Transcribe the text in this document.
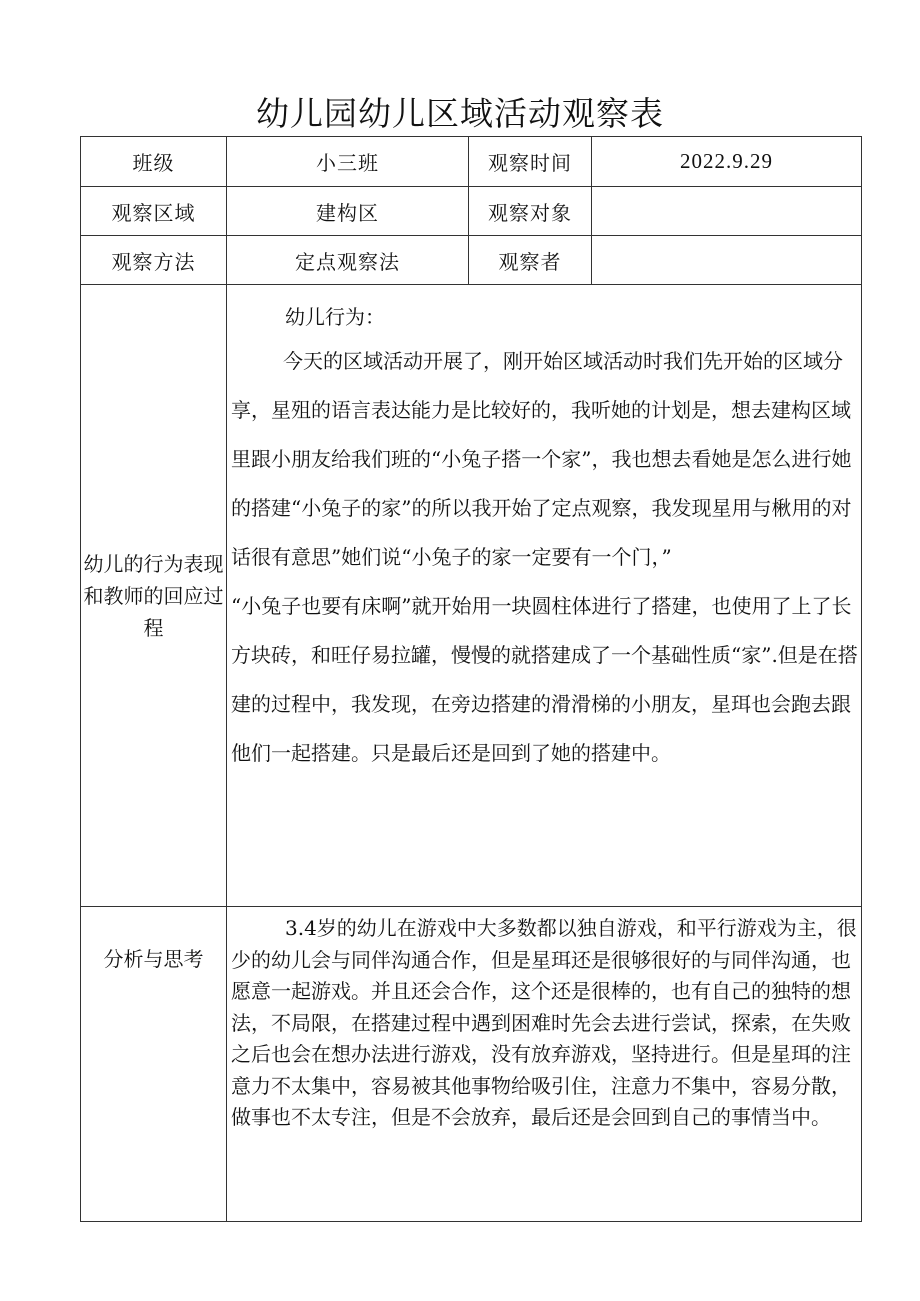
幼儿园幼儿区域活动观察表
班级	小三班	观察时间	2022.9.29
观察区域	建构区	观察对象	
观察方法	定点观察法	观察者	
幼儿的行为表现和教师的回应过程	幼儿行为：

今天的区域活动开展了，刚开始区域活动时我们先开始的区域分享，星殂的语言表达能力是比较好的，我听她的计划是，想去建构区域里跟小朋友给我们班的“小兔子搭一个家”，我也想去看她是怎么进行她的搭建“小兔子的家”的所以我开始了定点观察，我发现星用与楸用的对话很有意思”她们说“小兔子的家一定要有一个门，”

“小兔子也要有床啊”就开始用一块圆柱体进行了搭建，也使用了上了长方块砖，和旺仔易拉罐，慢慢的就搭建成了一个基础性质“家”.但是在搭建的过程中，我发现，在旁边搭建的滑滑梯的小朋友，星珥也会跑去跟他们一起搭建。只是最后还是回到了她的搭建中。		

分析与思考	3.4岁的幼儿在游戏中大多数都以独自游戏，和平行游戏为主，很少的幼儿会与同伴沟通合作，但是星珥还是很够很好的与同伴沟通，也愿意一起游戏。并且还会合作，这个还是很棒的，也有自己的独特的想法，不局限，在搭建过程中遇到困难时先会去进行尝试，探索，在失败之后也会在想办法进行游戏，没有放弃游戏，坚持进行。但是星珥的注意力不太集中，容易被其他事物给吸引住，注意力不集中，容易分散，做事也不太专注，但是不会放弃，最后还是会回到自己的事情当中。		
